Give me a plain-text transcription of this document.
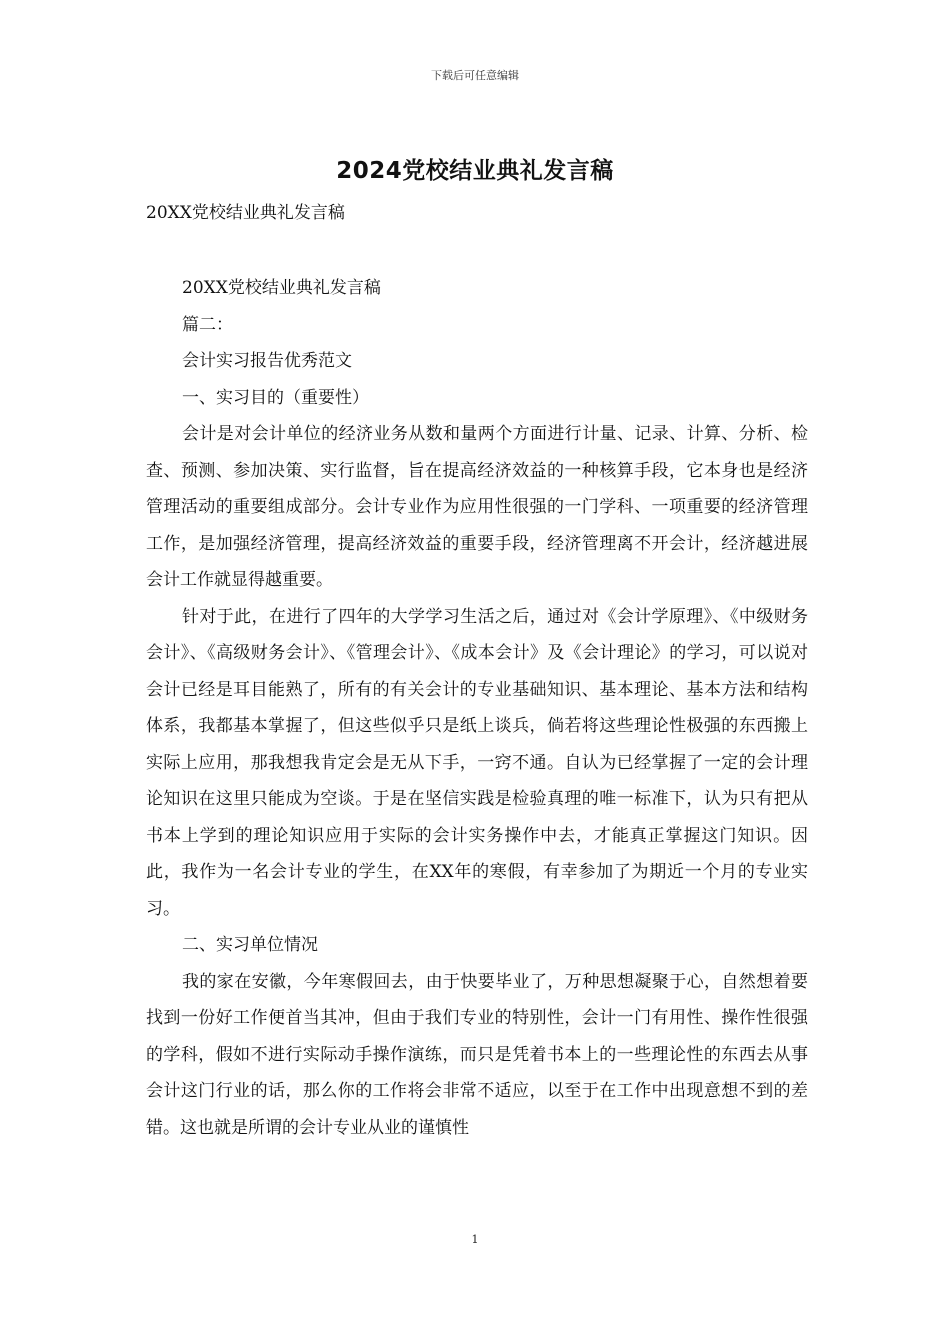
下载后可任意编辑
2024党校结业典礼发言稿
20XX党校结业典礼发言稿

20XX党校结业典礼发言稿

篇二：

会计实习报告优秀范文

一、实习目的（重要性）

会计是对会计单位的经济业务从数和量两个方面进行计量、记录、计算、分析、检查、预测、参加决策、实行监督，旨在提高经济效益的一种核算手段，它本身也是经济管理活动的重要组成部分。会计专业作为应用性很强的一门学科、一项重要的经济管理工作，是加强经济管理，提高经济效益的重要手段，经济管理离不开会计，经济越进展会计工作就显得越重要。

针对于此，在进行了四年的大学学习生活之后，通过对《会计学原理》、《中级财务会计》、《高级财务会计》、《管理会计》、《成本会计》及《会计理论》的学习，可以说对会计已经是耳目能熟了，所有的有关会计的专业基础知识、基本理论、基本方法和结构体系，我都基本掌握了，但这些似乎只是纸上谈兵，倘若将这些理论性极强的东西搬上实际上应用，那我想我肯定会是无从下手，一窍不通。自认为已经掌握了一定的会计理论知识在这里只能成为空谈。于是在坚信实践是检验真理的唯一标准下，认为只有把从书本上学到的理论知识应用于实际的会计实务操作中去，才能真正掌握这门知识。因此，我作为一名会计专业的学生，在XX年的寒假，有幸参加了为期近一个月的专业实习。

二、实习单位情况

我的家在安徽，今年寒假回去，由于快要毕业了，万种思想凝聚于心，自然想着要找到一份好工作便首当其冲，但由于我们专业的特别性，会计一门有用性、操作性很强的学科，假如不进行实际动手操作演练，而只是凭着书本上的一些理论性的东西去从事会计这门行业的话，那么你的工作将会非常不适应，以至于在工作中出现意想不到的差错。这也就是所谓的会计专业从业的谨慎性

1
